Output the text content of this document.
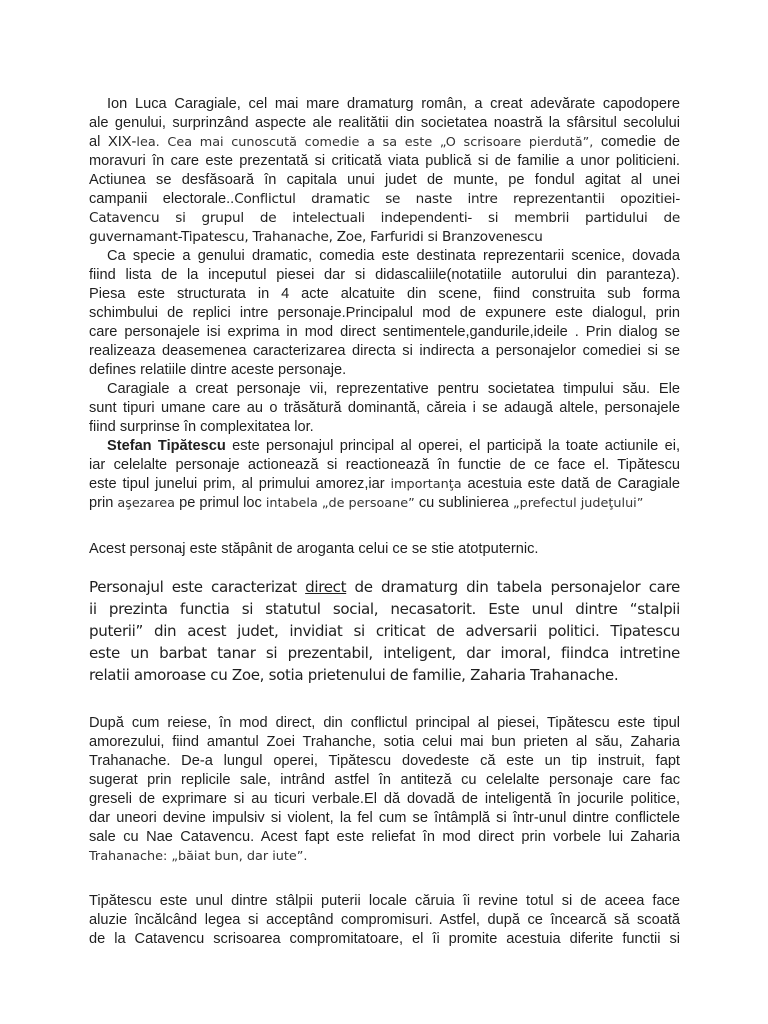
Ion Luca Caragiale, cel mai mare dramaturg român, a creat adevărate capodopere

ale genului, surprinzând aspecte ale realitătii din societatea noastră la sfârsitul secolului

al XIX-lea. Cea mai cunoscută comedie a sa este „O scrisoare pierdută”, comedie de

moravuri în care este prezentată si criticată viata publică si de familie a unor politicieni.

Actiunea se desfăsoară în capitala unui judet de munte, pe fondul agitat al unei

campanii electorale..Conflictul dramatic se naste intre reprezentantii opozitiei-

Catavencu si grupul de intelectuali independenti- si membrii partidului de

guvernamant-Tipatescu, Trahanache, Zoe, Farfuridi si Branzovenescu

Ca specie a genului dramatic, comedia este destinata reprezentarii scenice, dovada

fiind lista de la inceputul piesei dar si didascaliile(notatiile autorului din paranteza).

Piesa este structurata in 4 acte alcatuite din scene, fiind construita sub forma

schimbului de replici intre personaje.Principalul mod de expunere este dialogul, prin

care personajele isi exprima in mod direct sentimentele,gandurile,ideile . Prin dialog se

realizeaza deasemenea caracterizarea directa si indirecta a personajelor comediei si se

defines relatiile dintre aceste personaje.

Caragiale a creat personaje vii, reprezentative pentru societatea timpului său. Ele

sunt tipuri umane care au o trăsătură dominantă, căreia i se adaugă altele, personajele

fiind surprinse în complexitatea lor.

Stefan Tipătescu este personajul principal al operei, el participă la toate actiunile ei,

iar celelalte personaje actionează si reactionează în functie de ce face el. Tipătescu

este tipul junelui prim, al primului amorez,iar importanţa acestuia este dată de Caragiale

prin aşezarea pe primul loc intabela „de persoane” cu sublinierea „prefectul judeţului”

Acest personaj este stăpânit de aroganta celui ce se stie atotputernic.

Personajul este caracterizat direct de dramaturg din tabela personajelor care

ii prezinta functia si statutul social, necasatorit. Este unul dintre “stalpii

puterii” din acest judet, invidiat si criticat de adversarii politici. Tipatescu

este un barbat tanar si prezentabil, inteligent, dar imoral, fiindca intretine

relatii amoroase cu Zoe, sotia prietenului de familie, Zaharia Trahanache.

După cum reiese, în mod direct, din conflictul principal al piesei, Tipătescu este tipul

amorezului, fiind amantul Zoei Trahanche, sotia celui mai bun prieten al său, Zaharia

Trahanache. De-a lungul operei, Tipătescu dovedeste că este un tip instruit, fapt

sugerat prin replicile sale, intrând astfel în antiteză cu celelalte personaje care fac

greseli de exprimare si au ticuri verbale.El dă dovadă de inteligentă în jocurile politice,

dar uneori devine impulsiv si violent, la fel cum se întâmplă si într-unul dintre conflictele

sale cu Nae Catavencu. Acest fapt este reliefat în mod direct prin vorbele lui Zaharia

Trahanache: „băiat bun, dar iute”.

Tipătescu este unul dintre stâlpii puterii locale căruia îi revine totul si de aceea face

aluzie încălcând legea si acceptând compromisuri. Astfel, după ce încearcă să scoată

de la Catavencu scrisoarea compromitatoare, el îi promite acestuia diferite functii si
